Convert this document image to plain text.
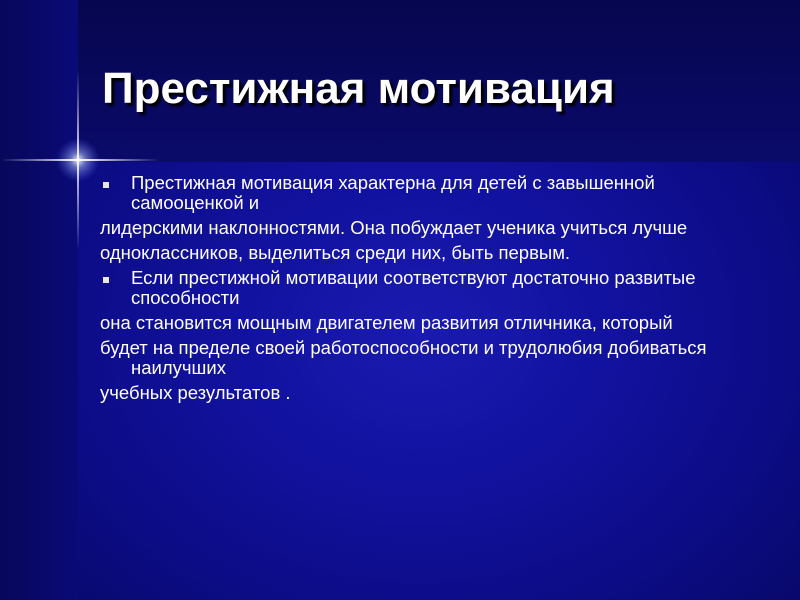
Престижная мотивация

Престижная мотивация характерна для детей с завышенной самооценкой и

лидерскими наклонностями. Она побуждает ученика учиться лучше

одноклассников, выделиться среди них, быть первым.

Если престижной мотивации соответствуют достаточно развитые способности

она становится мощным двигателем развития отличника, который

будет на пределе своей работоспособности и трудолюбия добиваться наилучших

учебных результатов .
